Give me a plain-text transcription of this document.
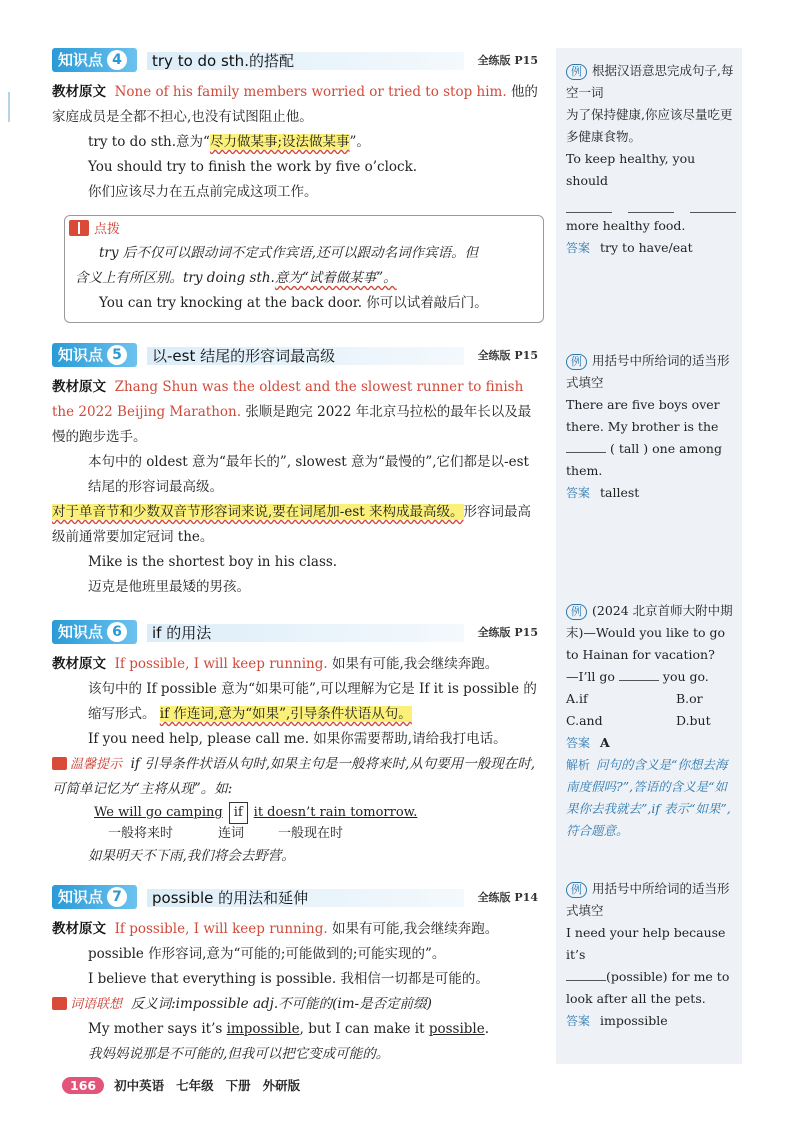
例 根据汉语意思完成句子,每空一词
为了保持健康,你应该尽量吃更多健康食物。
To keep healthy, you should
more healthy food.
答案 try to have/eat
例 用括号中所给词的适当形式填空
There are five boys over there. My brother is the
( tall ) one among them.
答案 tallest
例 (2024 北京首师大附中期末)—Would you like to go to Hainan for vacation?
—I’ll go	you go.
A.if	B.or
C.and	D.but
答案 A
解析 问句的含义是“你想去海南度假吗?”,答语的含义是“如果你去我就去”,if 表示“如果”,符合题意。
例 用括号中所给词的适当形式填空
I need your help because it’s
(possible) for me to look after all the pets.
答案 impossible
知识点 4	try to do sth.的搭配	全练版 P15

教材原文 None of his family members worried or tried to stop him. 他的家庭成员是全都不担心,也没有试图阻止他。

try to do sth.意为“尽力做某事;设法做某事”。

You should try to finish the work by five o’clock.

你们应该尽力在五点前完成这项工作。

点拨

try 后不仅可以跟动词不定式作宾语,还可以跟动名词作宾语。但

含义上有所区别。try doing sth.意为“试着做某事”。

You can try knocking at the back door. 你可以试着敲后门。

知识点 5	以-est 结尾的形容词最高级	全练版 P15

教材原文 Zhang Shun was the oldest and the slowest runner to finish the 2022 Beijing Marathon. 张顺是跑完 2022 年北京马拉松的最年长以及最慢的跑步选手。

本句中的 oldest 意为“最年长的”, slowest 意为“最慢的”,它们都是以-est 结尾的形容词最高级。

对于单音节和少数双音节形容词来说,要在词尾加-est 来构成最高级。形容词最高级前通常要加定冠词 the。

Mike is the shortest boy in his class.

迈克是他班里最矮的男孩。

知识点 6	if 的用法	全练版 P15

教材原文 If possible, I will keep running. 如果有可能,我会继续奔跑。

该句中的 If possible 意为“如果可能”,可以理解为它是 If it is possible 的缩写形式。 if 作连词,意为“如果”,引导条件状语从句。

If you need help, please call me. 如果你需要帮助,请给我打电话。

温馨提示 if 引导条件状语从句时,如果主句是一般将来时,从句要用一般现在时,可简单记忆为“主将从现”。如:

We will go camping if it doesn’t rain tomorrow.
一般将来时	连词	一般现在时

如果明天不下雨,我们将会去野营。

知识点 7	possible 的用法和延伸	全练版 P14

教材原文 If possible, I will keep running. 如果有可能,我会继续奔跑。

possible 作形容词,意为“可能的;可能做到的;可能实现的”。

I believe that everything is possible. 我相信一切都是可能的。

词语联想 反义词:impossible adj.不可能的(im-是否定前缀)

My mother says it’s impossible, but I can make it possible.

我妈妈说那是不可能的,但我可以把它变成可能的。

166	初中英语 七年级 下册 外研版
